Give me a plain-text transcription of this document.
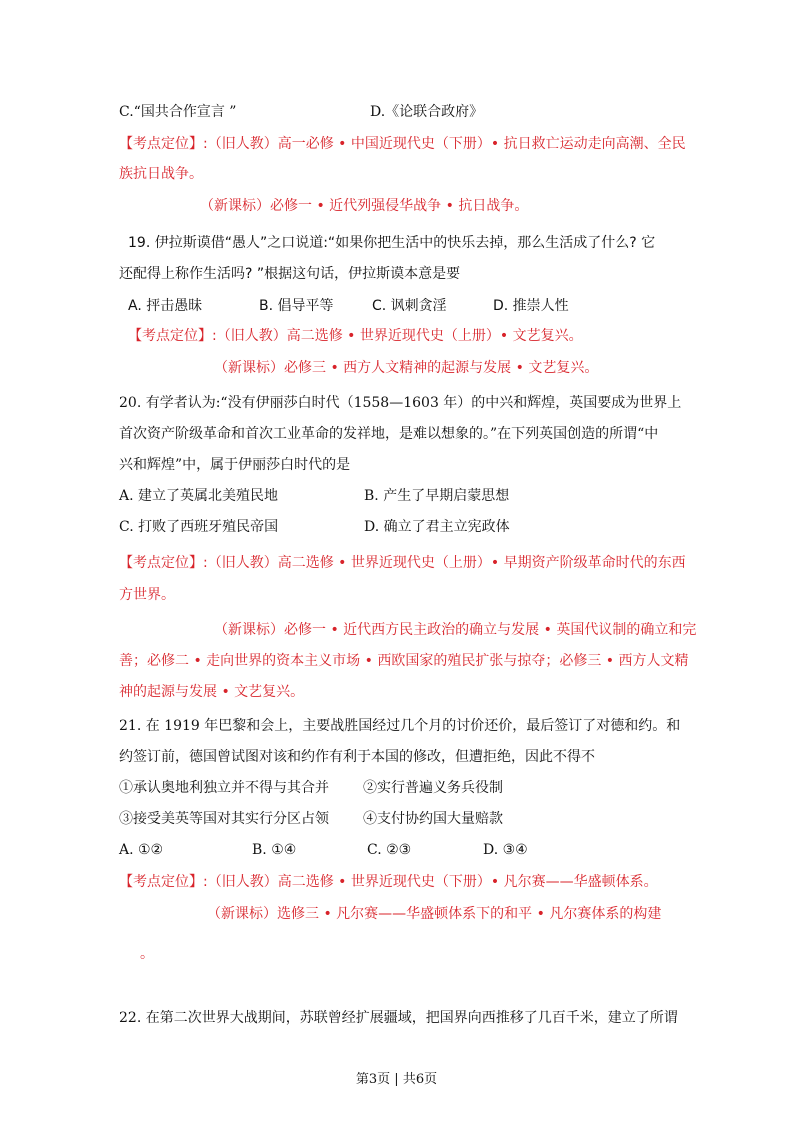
C.“国共合作宣言 ”	D.《论联合政府》
【考点定位】:（旧人教）高一必修 • 中国近现代史（下册）• 抗日救亡运动走向高潮、全民
族抗日战争。
（新课标）必修一 • 近代列强侵华战争 • 抗日战争。
19. 伊拉斯谟借“愚人”之口说道:“如果你把生活中的快乐去掉，那么生活成了什么? 它
还配得上称作生活吗? ”根据这句话，伊拉斯谟本意是要
A. 抨击愚昧	B. 倡导平等	C. 讽刺贪淫	D. 推崇人性
【考点定位】:（旧人教）高二选修 • 世界近现代史（上册）• 文艺复兴。
（新课标）必修三 • 西方人文精神的起源与发展 • 文艺复兴。
20. 有学者认为:“没有伊丽莎白时代（1558—1603 年）的中兴和辉煌，英国要成为世界上
首次资产阶级革命和首次工业革命的发祥地，是难以想象的。”在下列英国创造的所谓“中
兴和辉煌”中，属于伊丽莎白时代的是
A. 建立了英属北美殖民地	B. 产生了早期启蒙思想
C. 打败了西班牙殖民帝国	D. 确立了君主立宪政体
【考点定位】:（旧人教）高二选修 • 世界近现代史（上册）• 早期资产阶级革命时代的东西
方世界。
（新课标）必修一 • 近代西方民主政治的确立与发展 • 英国代议制的确立和完
善；必修二 • 走向世界的资本主义市场 • 西欧国家的殖民扩张与掠夺；必修三 • 西方人文精
神的起源与发展 • 文艺复兴。
21. 在 1919 年巴黎和会上，主要战胜国经过几个月的讨价还价，最后签订了对德和约。和
约签订前，德国曾试图对该和约作有利于本国的修改，但遭拒绝，因此不得不
①承认奥地利独立并不得与其合并 ②实行普遍义务兵役制
③接受美英等国对其实行分区占领 ④支付协约国大量赔款
A. ①②	B. ①④	C. ②③	D. ③④
【考点定位】:（旧人教）高二选修 • 世界近现代史（下册）• 凡尔赛——华盛顿体系。
（新课标）选修三 • 凡尔赛——华盛顿体系下的和平 • 凡尔赛体系的构建
。
22. 在第二次世界大战期间，苏联曾经扩展疆域，把国界向西推移了几百千米，建立了所谓
第3页 | 共6页
